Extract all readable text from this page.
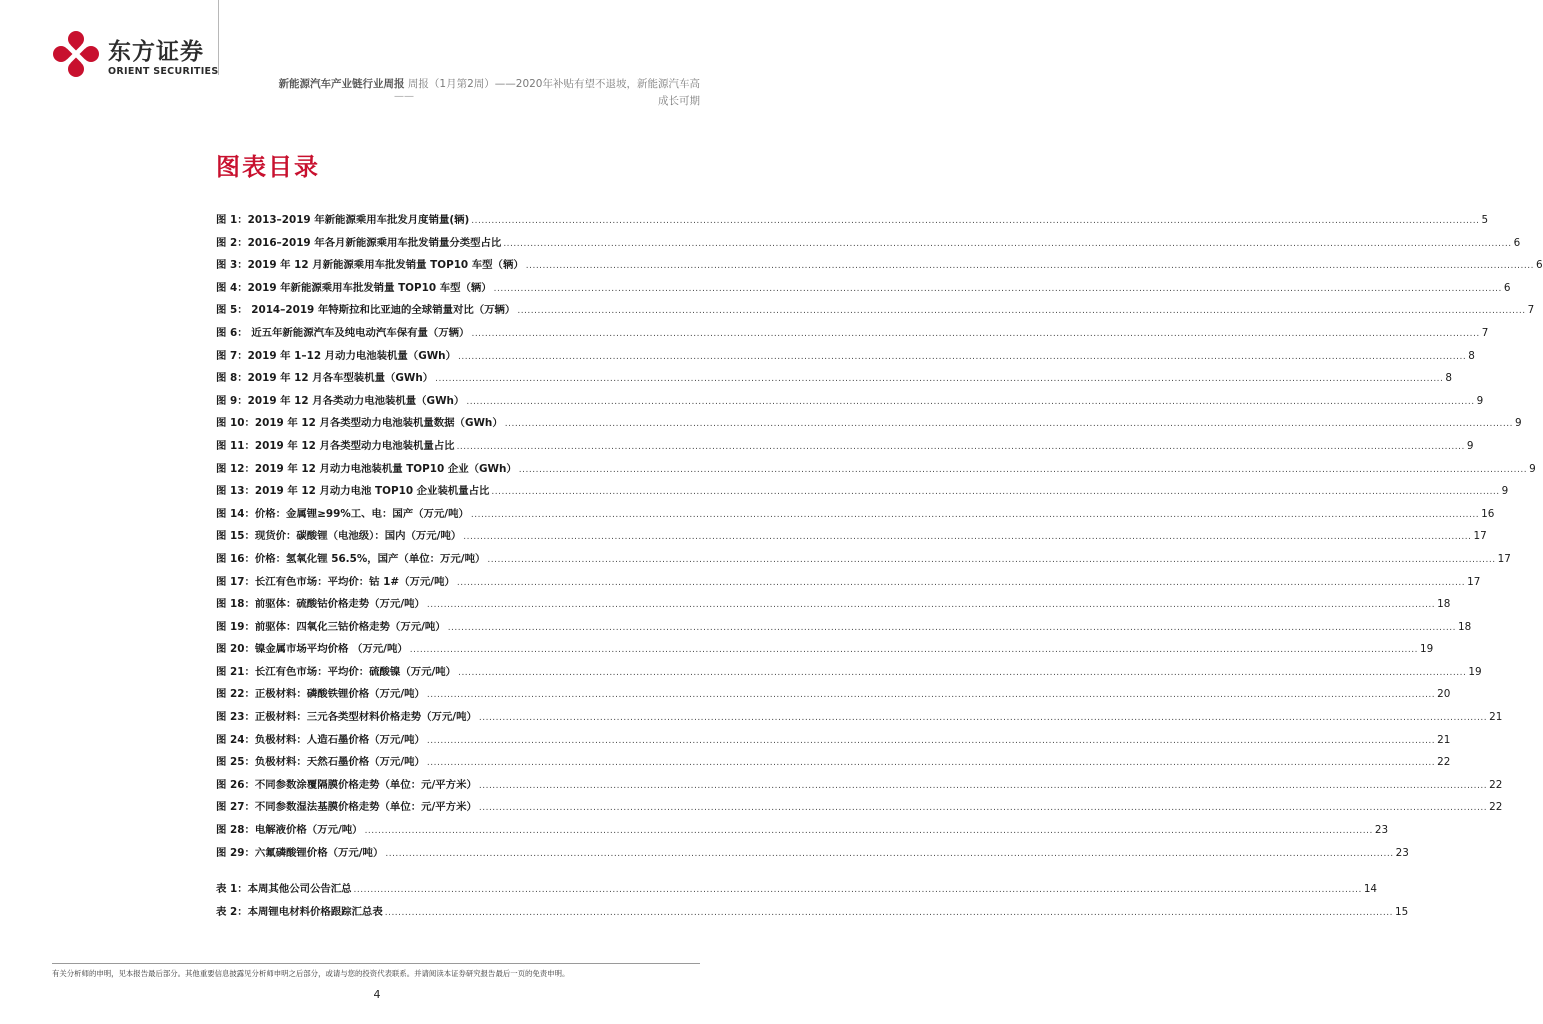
东方证券
ORIENT SECURITIES
新能源汽车产业链行业周报 周报（1月第2周）——2020年补贴有望不退坡，新能源汽车高
——	成长可期
图表目录
图 1：2013–2019 年新能源乘用车批发月度销量(辆) ............................................................................................................................................................................................................................................................................................................ 5
图 2：2016–2019 年各月新能源乘用车批发销量分类型占比 ............................................................................................................................................................................................................................................................................................................ 6
图 3：2019 年 12 月新能源乘用车批发销量 TOP10 车型（辆） ............................................................................................................................................................................................................................................................................................................ 6
图 4：2019 年新能源乘用车批发销量 TOP10 车型（辆） ............................................................................................................................................................................................................................................................................................................ 6
图 5： 2014–2019 年特斯拉和比亚迪的全球销量对比（万辆） ............................................................................................................................................................................................................................................................................................................ 7
图 6： 近五年新能源汽车及纯电动汽车保有量（万辆） ............................................................................................................................................................................................................................................................................................................ 7
图 7：2019 年 1–12 月动力电池装机量（GWh） ............................................................................................................................................................................................................................................................................................................ 8
图 8：2019 年 12 月各车型装机量（GWh） ............................................................................................................................................................................................................................................................................................................ 8
图 9：2019 年 12 月各类动力电池装机量（GWh） ............................................................................................................................................................................................................................................................................................................ 9
图 10：2019 年 12 月各类型动力电池装机量数据（GWh） ............................................................................................................................................................................................................................................................................................................ 9
图 11：2019 年 12 月各类型动力电池装机量占比 ............................................................................................................................................................................................................................................................................................................ 9
图 12：2019 年 12 月动力电池装机量 TOP10 企业（GWh） ............................................................................................................................................................................................................................................................................................................ 9
图 13：2019 年 12 月动力电池 TOP10 企业装机量占比 ............................................................................................................................................................................................................................................................................................................ 9
图 14：价格：金属锂≥99%工、电：国产（万元/吨） ............................................................................................................................................................................................................................................................................................................ 16
图 15：现货价：碳酸锂（电池级）：国内（万元/吨） ............................................................................................................................................................................................................................................................................................................ 17
图 16：价格：氢氧化锂 56.5%，国产（单位：万元/吨） ............................................................................................................................................................................................................................................................................................................ 17
图 17：长江有色市场：平均价：钴 1#（万元/吨） ............................................................................................................................................................................................................................................................................................................ 17
图 18：前驱体：硫酸钴价格走势（万元/吨） ............................................................................................................................................................................................................................................................................................................ 18
图 19：前驱体：四氧化三钴价格走势（万元/吨） ............................................................................................................................................................................................................................................................................................................ 18
图 20：镍金属市场平均价格 （万元/吨） ............................................................................................................................................................................................................................................................................................................ 19
图 21：长江有色市场：平均价：硫酸镍（万元/吨） ............................................................................................................................................................................................................................................................................................................ 19
图 22：正极材料：磷酸铁锂价格（万元/吨） ............................................................................................................................................................................................................................................................................................................ 20
图 23：正极材料：三元各类型材料价格走势（万元/吨） ............................................................................................................................................................................................................................................................................................................ 21
图 24：负极材料：人造石墨价格（万元/吨） ............................................................................................................................................................................................................................................................................................................ 21
图 25：负极材料：天然石墨价格（万元/吨） ............................................................................................................................................................................................................................................................................................................ 22
图 26：不同参数涂覆隔膜价格走势（单位：元/平方米） ............................................................................................................................................................................................................................................................................................................ 22
图 27：不同参数湿法基膜价格走势（单位：元/平方米） ............................................................................................................................................................................................................................................................................................................ 22
图 28：电解液价格（万元/吨） ............................................................................................................................................................................................................................................................................................................ 23
图 29：六氟磷酸锂价格（万元/吨） ............................................................................................................................................................................................................................................................................................................ 23
表 1：本周其他公司公告汇总 ............................................................................................................................................................................................................................................................................................................ 14
表 2：本周锂电材料价格跟踪汇总表 ............................................................................................................................................................................................................................................................................................................ 15
有关分析师的申明，见本报告最后部分。其他重要信息披露见分析师申明之后部分，或请与您的投资代表联系。并请阅读本证券研究报告最后一页的免责申明。
4
